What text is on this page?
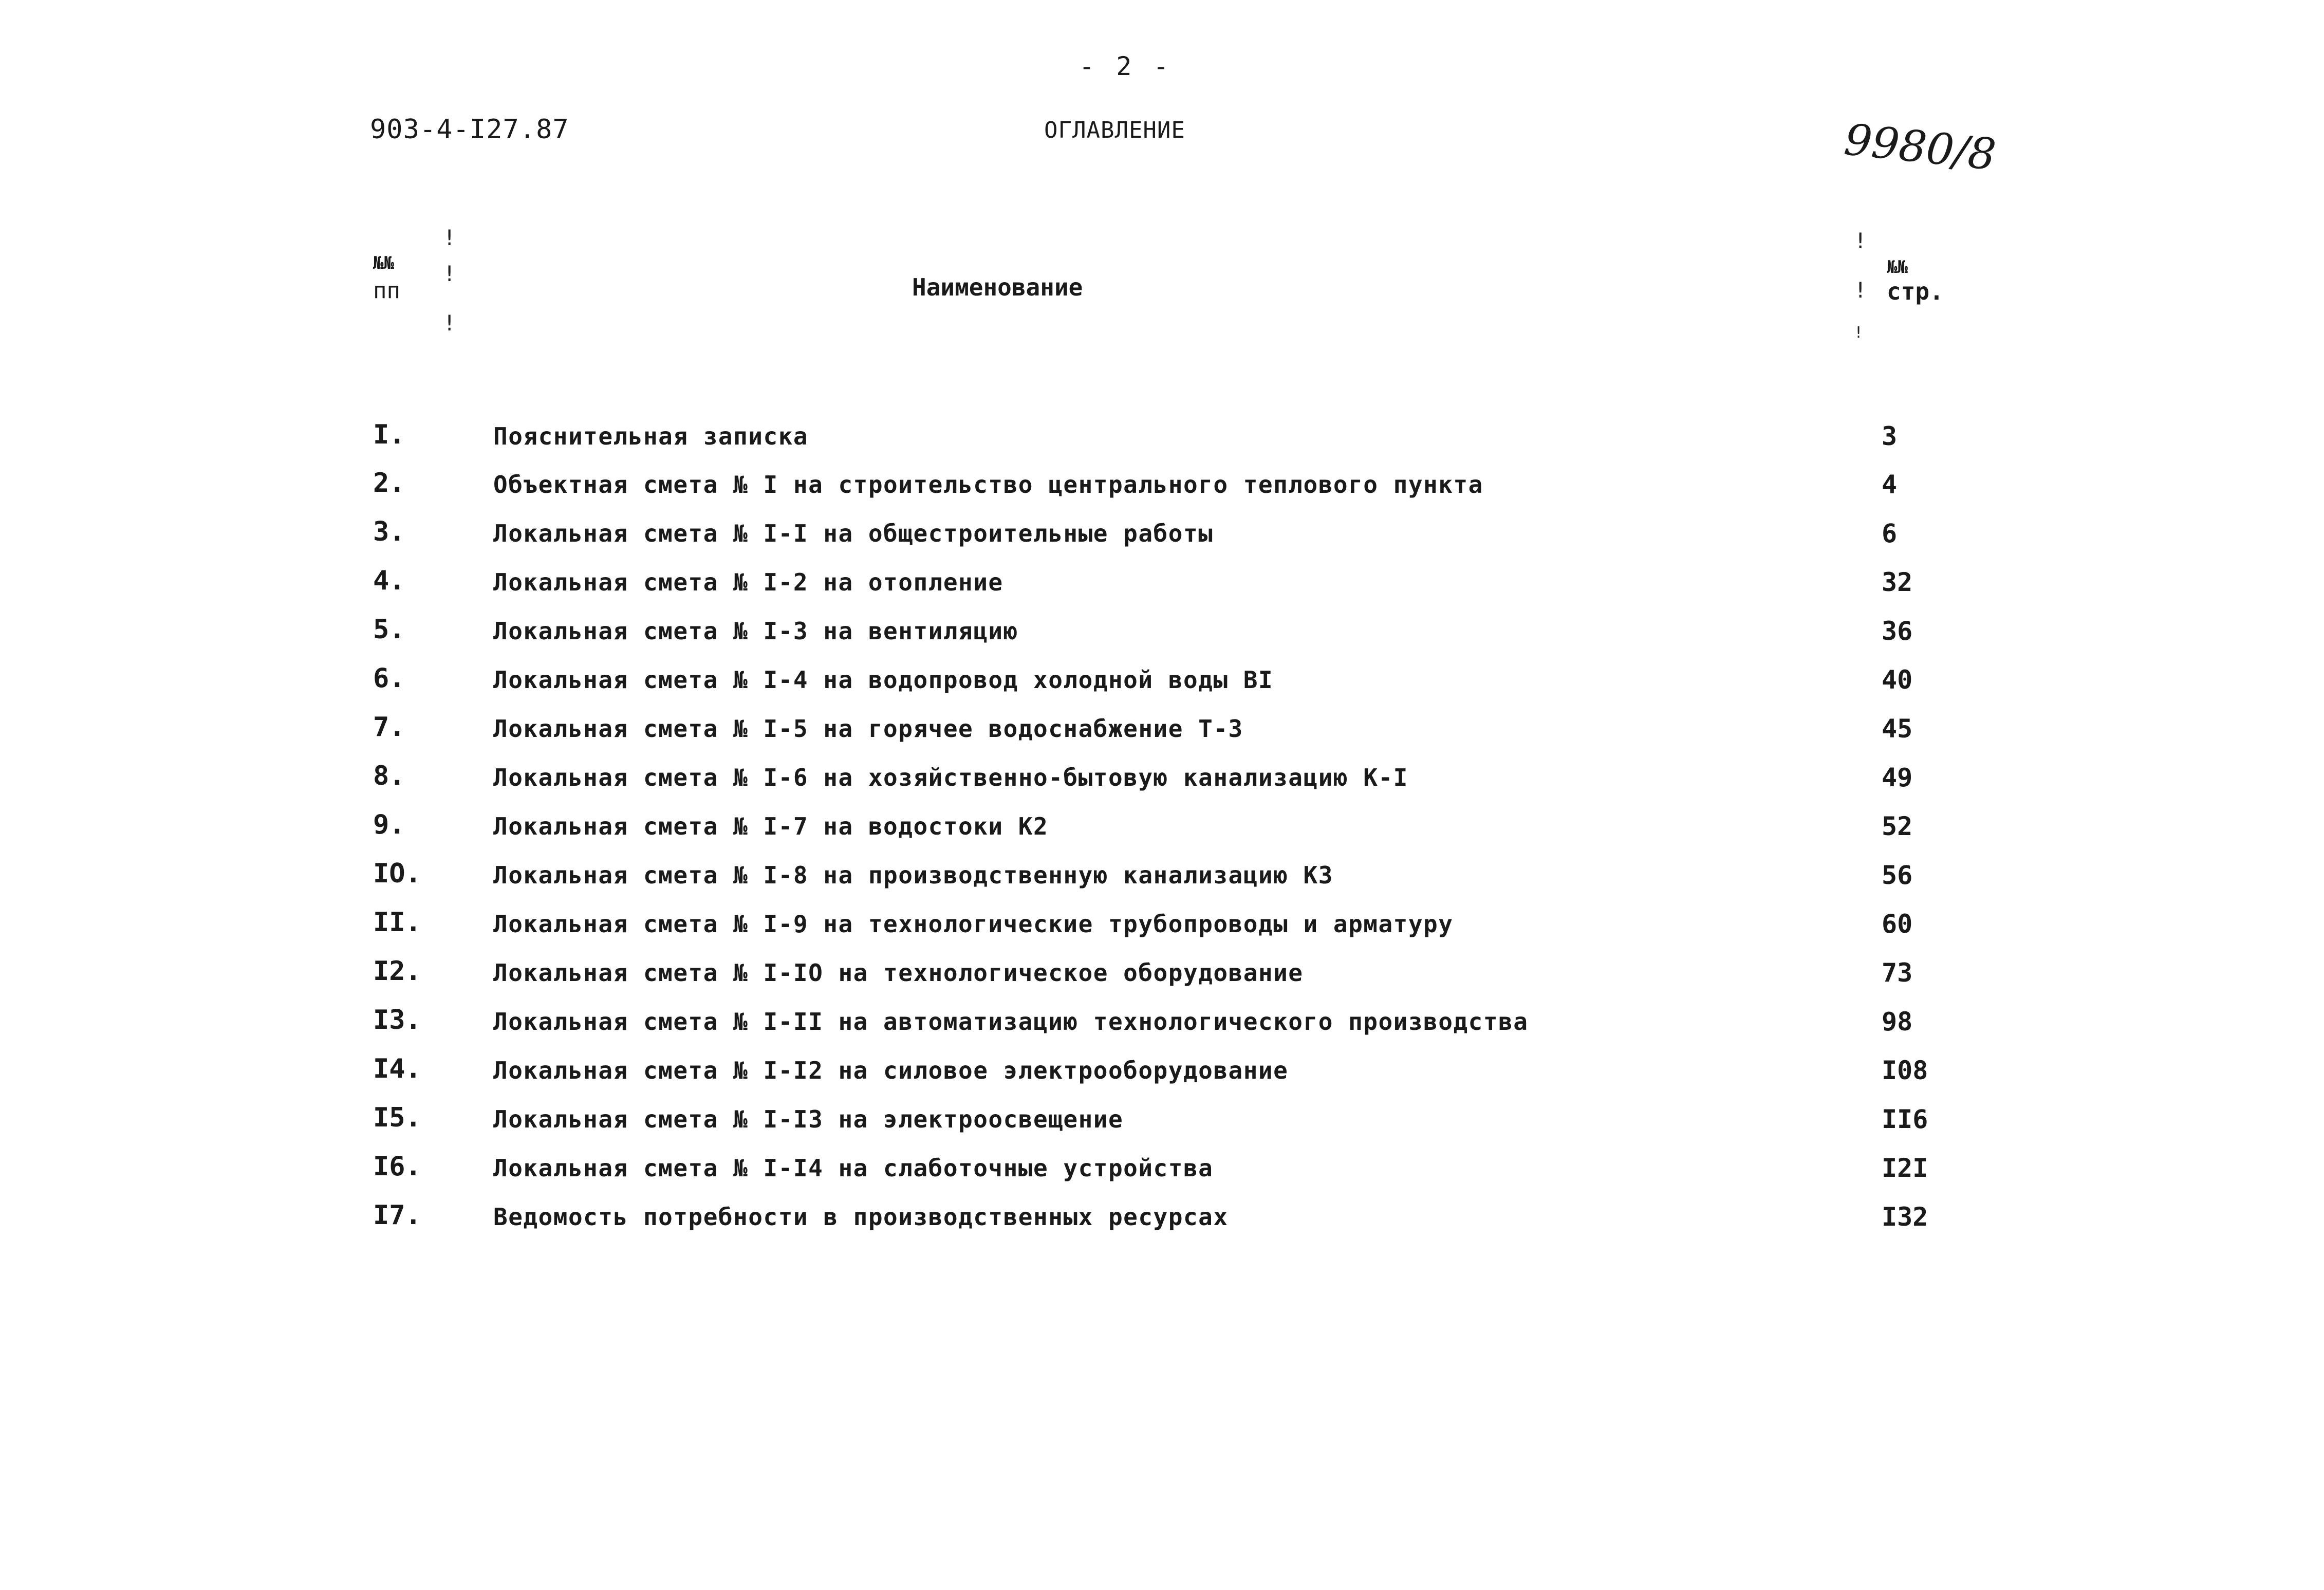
- 2 -
903-4-I27.87	ОГЛАВЛЕНИЕ	9980/8
№№
пп
!
!
!
Наименование
!
!
!
№№
стр.
I.	Пояснительная записка	3
2.	Объектная смета № I на строительство центрального теплового пункта	4
3.	Локальная смета № I-I на общестроительные работы	6
4.	Локальная смета № I-2 на отопление	32
5.	Локальная смета № I-3 на вентиляцию	36
6.	Локальная смета № I-4 на водопровод холодной воды BI	40
7.	Локальная смета № I-5 на горячее водоснабжение Т-3	45
8.	Локальная смета № I-6 на хозяйственно-бытовую канализацию К-I	49
9.	Локальная смета № I-7 на водостоки К2	52
IO.	Локальная смета № I-8 на производственную канализацию К3	56
II.	Локальная смета № I-9 на технологические трубопроводы и арматуру	60
I2.	Локальная смета № I-IO на технологическое оборудование	73
I3.	Локальная смета № I-II на автоматизацию технологического производства	98
I4.	Локальная смета № I-I2 на силовое электрооборудование	I08
I5.	Локальная смета № I-I3 на электроосвещение	II6
I6.	Локальная смета № I-I4 на слаботочные устройства	I2I
I7.	Ведомость потребности в производственных ресурсах	I32
